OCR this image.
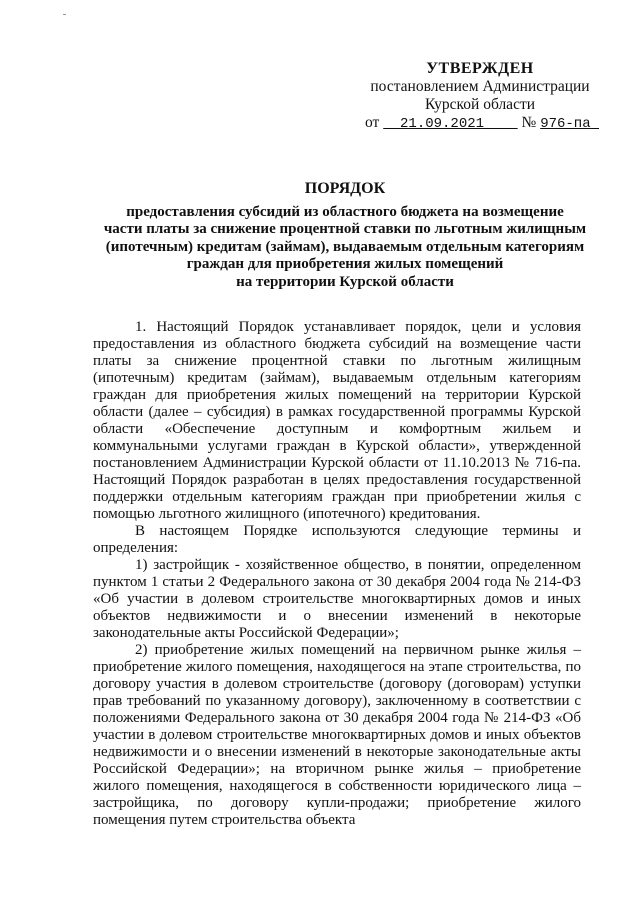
УТВЕРЖДЕН
постановлением Администрации
Курской области
от 21.09.2021 № 976-па
ПОРЯДОК
предоставления субсидий из областного бюджета на возмещение
части платы за снижение процентной ставки по льготным жилищным
(ипотечным) кредитам (займам), выдаваемым отдельным категориям
граждан для приобретения жилых помещений
на территории Курской области

1. Настоящий Порядок устанавливает порядок, цели и условия предоставления из областного бюджета субсидий на возмещение части платы за снижение процентной ставки по льготным жилищным (ипотечным) кредитам (займам), выдаваемым отдельным категориям граждан для приобретения жилых помещений на территории Курской области (далее – субсидия) в рамках государственной программы Курской области «Обеспечение доступным и комфортным жильем и коммунальными услугами граждан в Курской области», утвержденной постановлением Администрации Курской области от 11.10.2013 № 716-па. Настоящий Порядок разработан в целях предоставления государственной поддержки отдельным категориям граждан при приобретении жилья с помощью льготного жилищного (ипотечного) кредитования.

В настоящем Порядке используются следующие термины и определения:

1) застройщик - хозяйственное общество, в понятии, определенном пунктом 1 статьи 2 Федерального закона от 30 декабря 2004 года № 214-ФЗ «Об участии в долевом строительстве многоквартирных домов и иных объектов недвижимости и о внесении изменений в некоторые законодательные акты Российской Федерации»;

2) приобретение жилых помещений на первичном рынке жилья – приобретение жилого помещения, находящегося на этапе строительства, по договору участия в долевом строительстве (договору (договорам) уступки прав требований по указанному договору), заключенному в соответствии с положениями Федерального закона от 30 декабря 2004 года № 214-ФЗ «Об участии в долевом строительстве многоквартирных домов и иных объектов недвижимости и о внесении изменений в некоторые законодательные акты Российской Федерации»; на вторичном рынке жилья – приобретение жилого помещения, находящегося в собственности юридического лица – застройщика, по договору купли-продажи; приобретение жилого помещения путем строительства объекта
